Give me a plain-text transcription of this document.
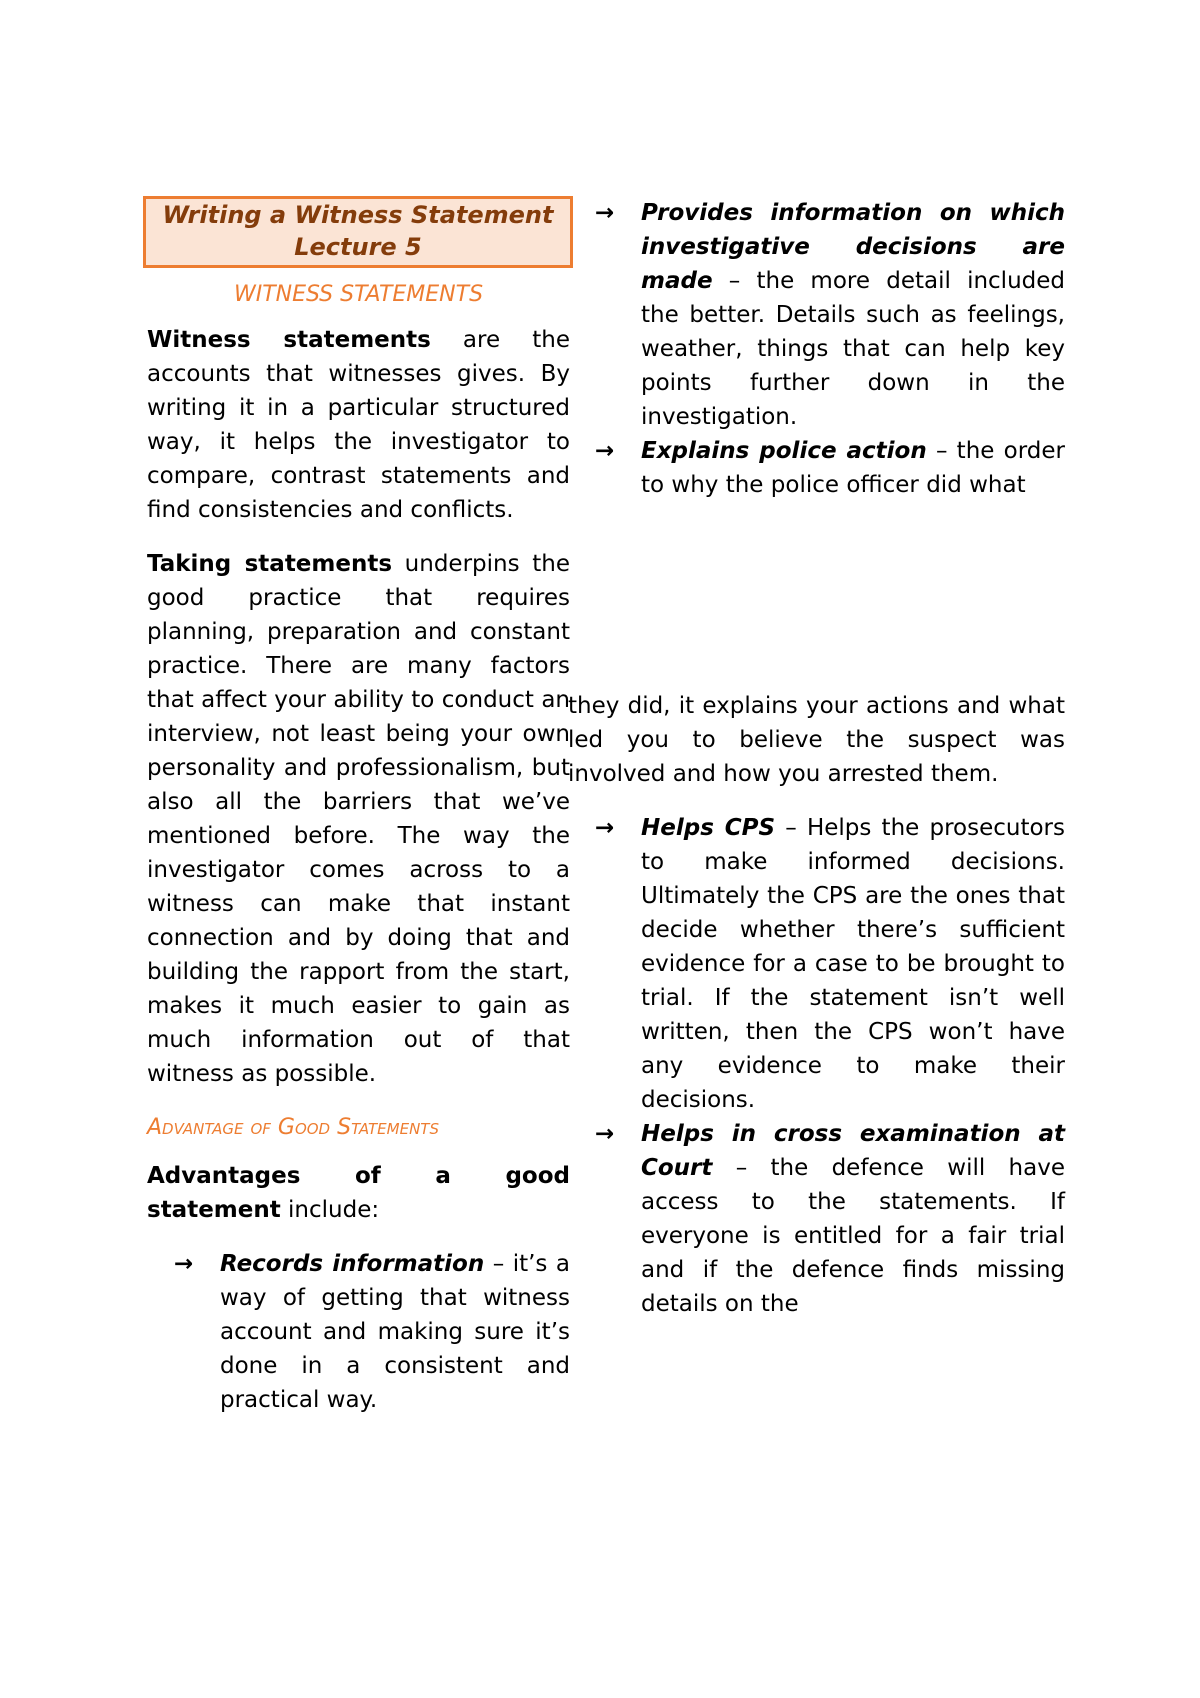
Writing a Witness Statement
Lecture 5
WITNESS STATEMENTS

Witness statements are the accounts that witnesses gives. By writing it in a particular structured way, it helps the investigator to compare, contrast statements and find consistencies and conflicts.

Taking statements underpins the good practice that requires planning, preparation and constant practice. There are many factors that affect your ability to conduct an interview, not least being your own personality and professionalism, but also all the barriers that we’ve mentioned before. The way the investigator comes across to a witness can make that instant connection and by doing that and building the rapport from the start, makes it much easier to gain as much information out of that witness as possible.

Advantage of Good Statements

Advantages of a good statement include:

→	Records information – it’s a way of getting that witness account and making sure it’s done in a consistent and practical way.
→	Provides information on which investigative decisions are made – the more detail included the better. Details such as feelings, weather, things that can help key points further down in the investigation.
→	Explains police action – the order to why the police officer did what

they did, it explains your actions and what led you to believe the suspect was involved and how you arrested them.

→	Helps CPS – Helps the prosecutors to make informed decisions. Ultimately the CPS are the ones that decide whether there’s sufficient evidence for a case to be brought to trial. If the statement isn’t well written, then the CPS won’t have any evidence to make their decisions.
→	Helps in cross examination at Court – the defence will have access to the statements. If everyone is entitled for a fair trial and if the defence finds missing details on the
